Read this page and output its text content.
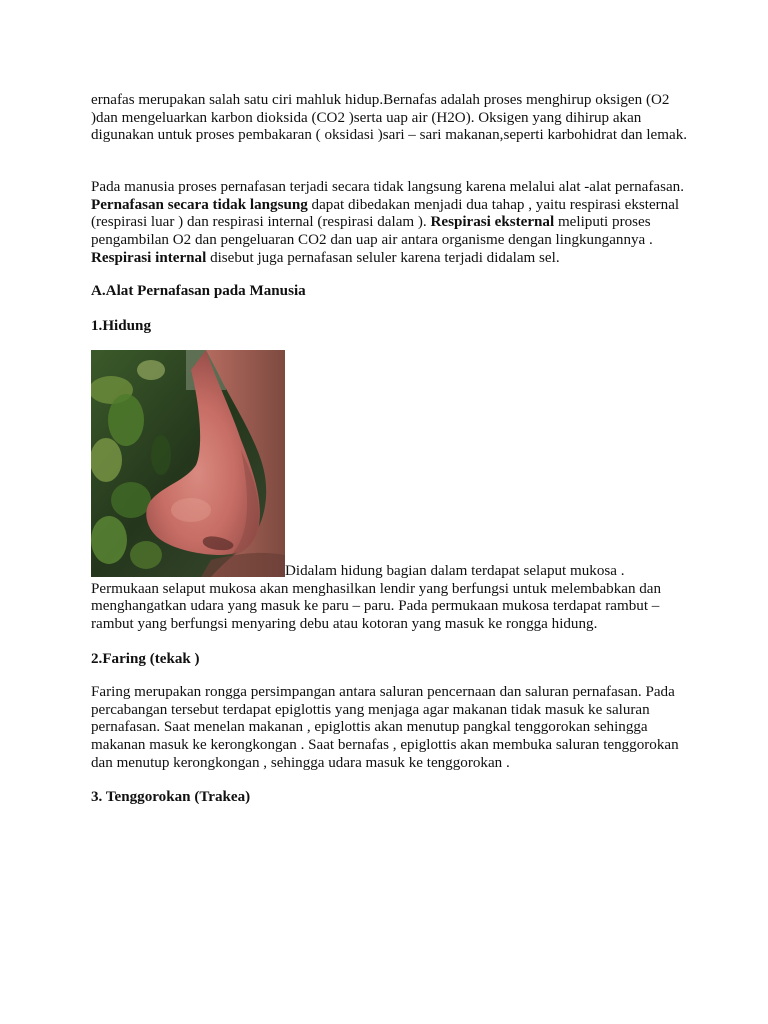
ernafas merupakan salah satu ciri mahluk hidup.Bernafas adalah proses menghirup oksigen (O2 )dan mengeluarkan karbon dioksida (CO2 )serta uap air (H2O). Oksigen yang dihirup akan digunakan untuk proses pembakaran ( oksidasi )sari – sari makanan,seperti karbohidrat dan lemak.

Pada manusia proses pernafasan terjadi secara tidak langsung karena melalui alat -alat pernafasan. Pernafasan secara tidak langsung dapat dibedakan menjadi dua tahap , yaitu respirasi eksternal (respirasi luar ) dan respirasi internal (respirasi dalam ). Respirasi eksternal meliputi proses pengambilan O2 dan pengeluaran CO2 dan uap air antara organisme dengan lingkungannya . Respirasi internal disebut juga pernafasan seluler karena terjadi didalam sel.

A.Alat Pernafasan pada Manusia

1.Hidung

Didalam hidung bagian dalam terdapat selaput mukosa . Permukaan selaput mukosa akan menghasilkan lendir yang berfungsi untuk melembabkan dan menghangatkan udara yang masuk ke paru – paru. Pada permukaan mukosa terdapat rambut – rambut yang berfungsi menyaring debu atau kotoran yang masuk ke rongga hidung.

2.Faring (tekak )

Faring merupakan rongga persimpangan antara saluran pencernaan dan saluran pernafasan. Pada percabangan tersebut terdapat epiglottis yang menjaga agar makanan tidak masuk ke saluran pernafasan. Saat menelan makanan , epiglottis akan menutup pangkal tenggorokan sehingga makanan masuk ke kerongkongan . Saat bernafas , epiglottis akan membuka saluran tenggorokan dan menutup kerongkongan , sehingga udara masuk ke tenggorokan .

3. Tenggorokan (Trakea)
